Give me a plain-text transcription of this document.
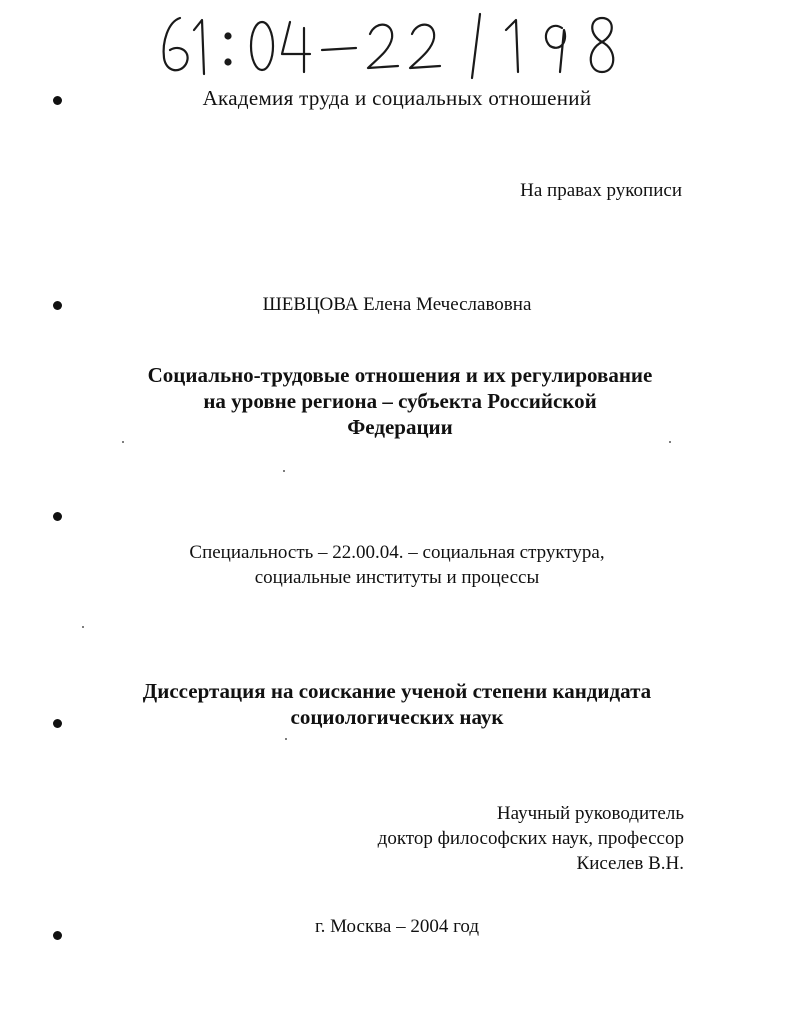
Академия труда и социальных отношений
На правах рукописи
ШЕВЦОВА Елена Мечеславовна
Социально-трудовые отношения и их регулирование
на уровне региона – субъекта Российской
Федерации
Специальность – 22.00.04. – социальная структура,
социальные институты и процессы
Диссертация на соискание ученой степени кандидата
социологических наук
Научный руководитель
доктор философских наук, профессор
Киселев В.Н.
г. Москва – 2004 год
